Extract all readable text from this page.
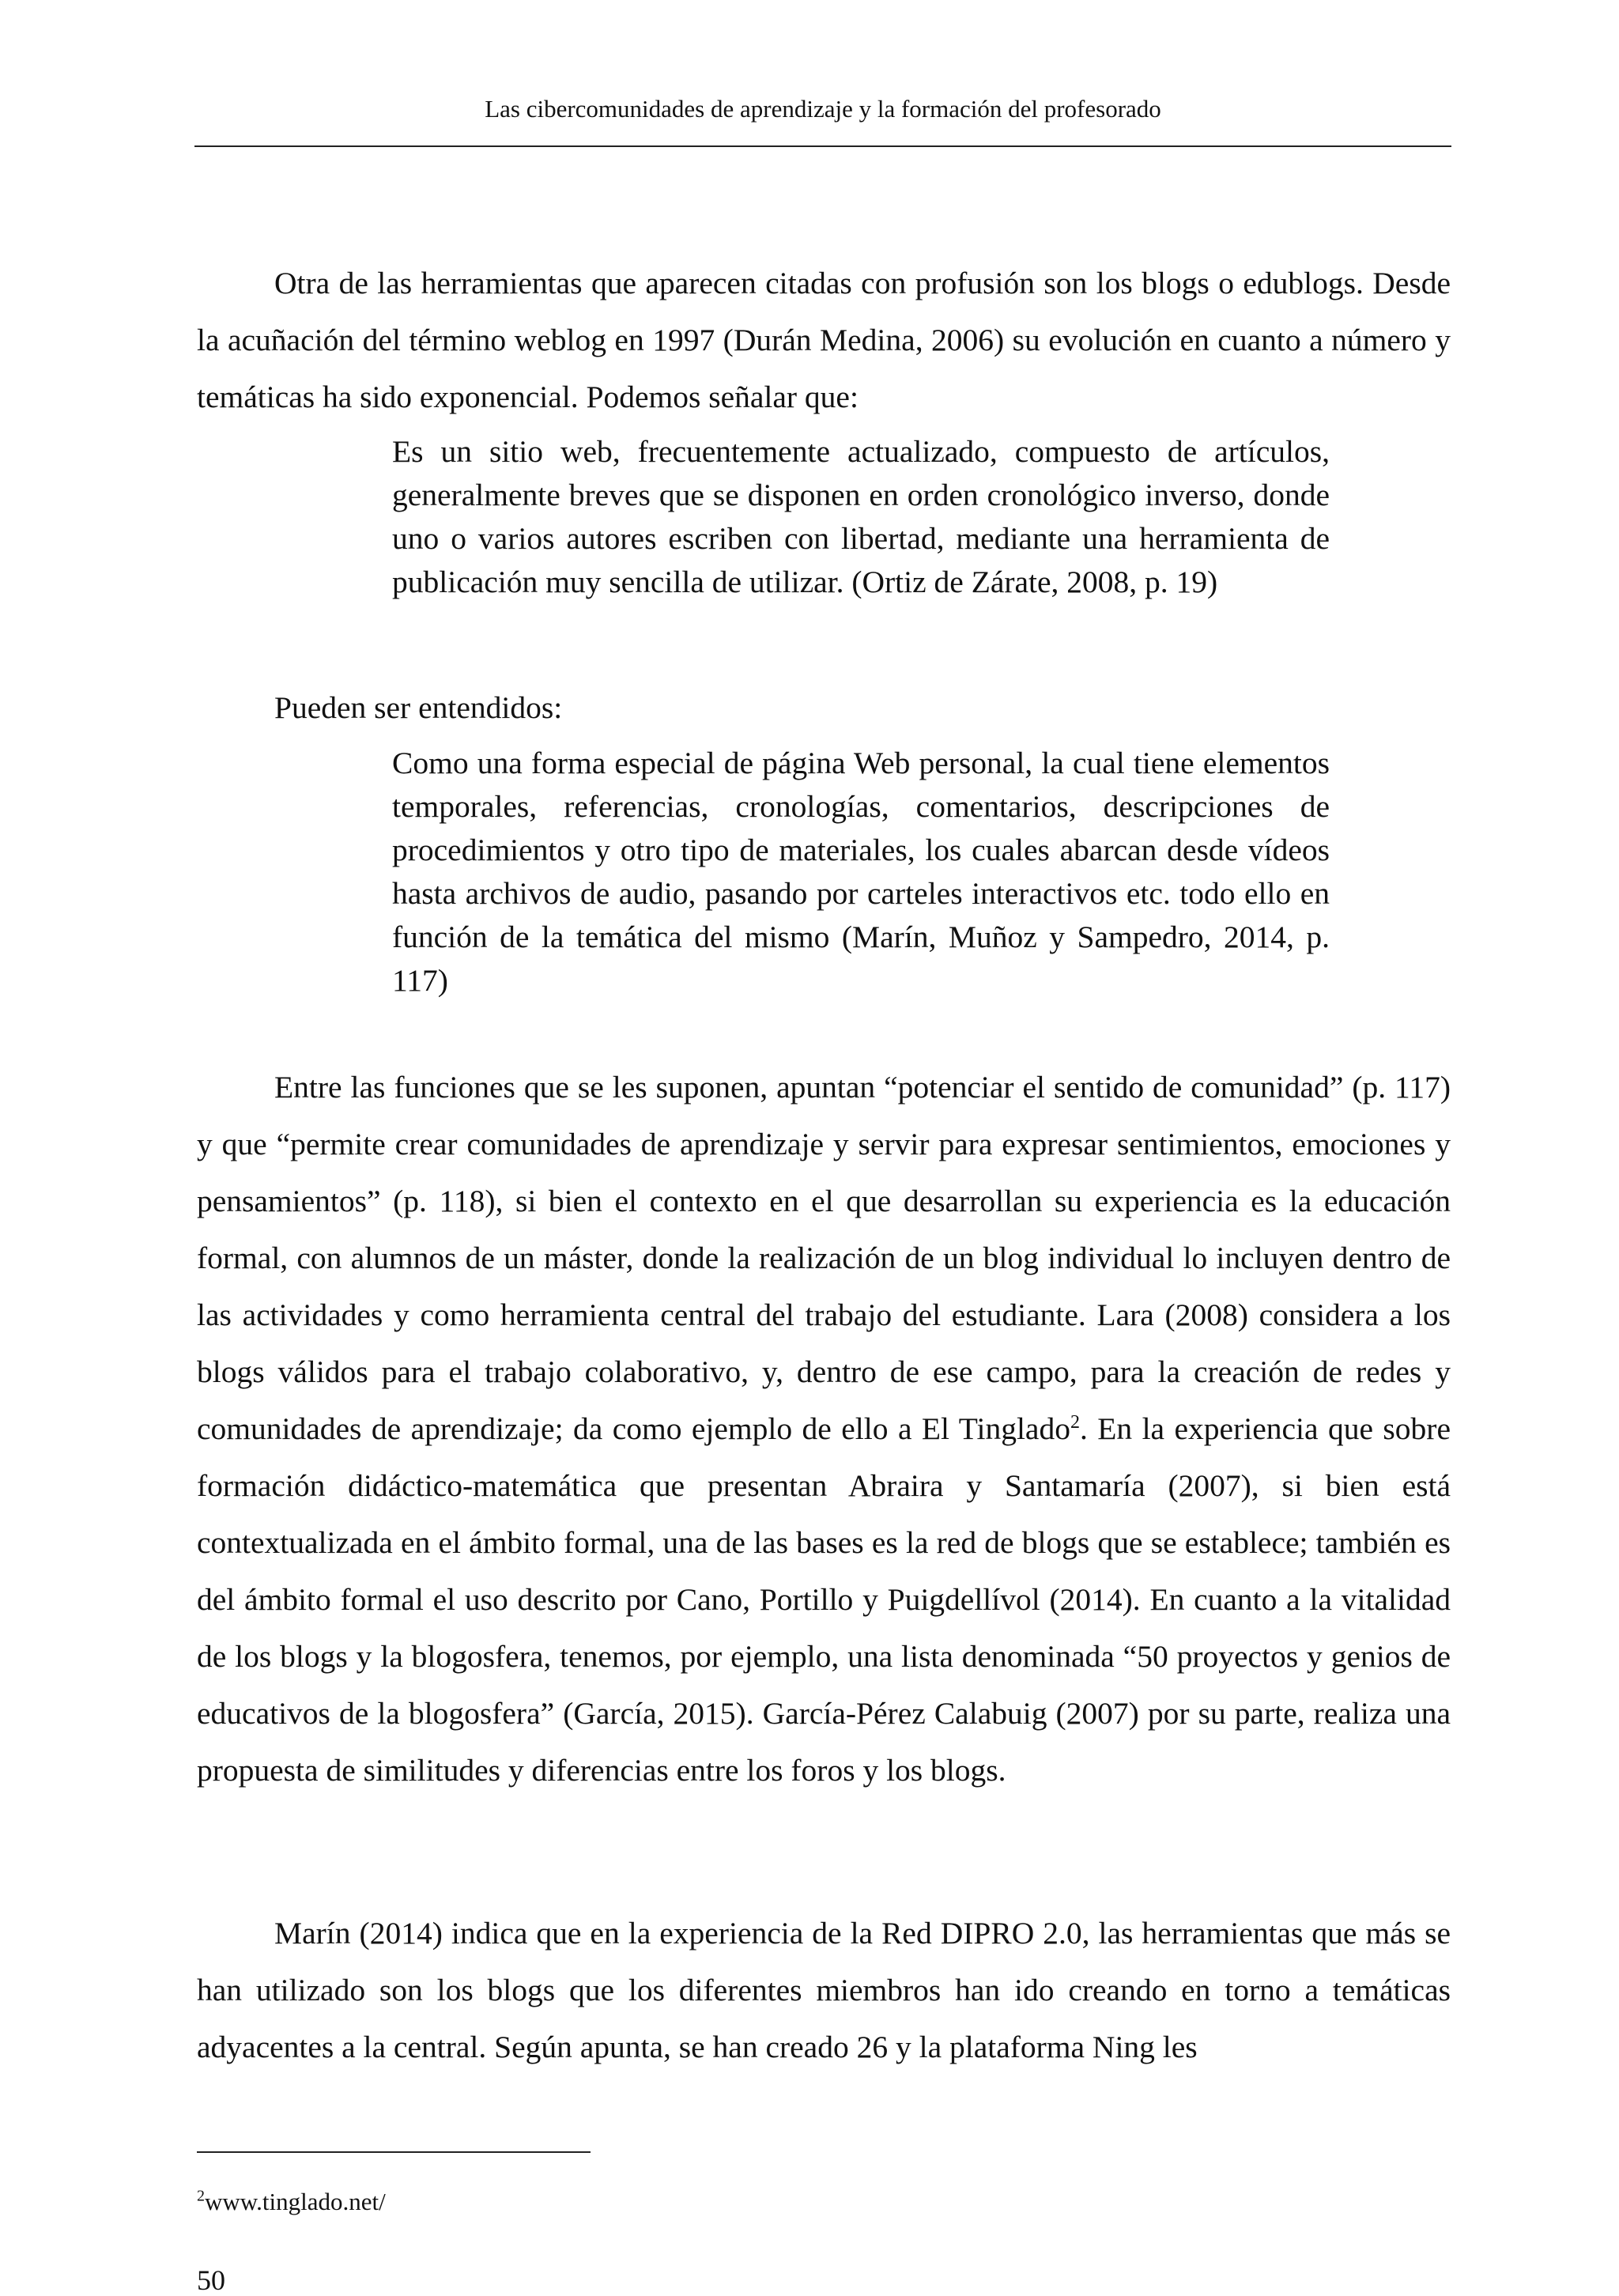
Las cibercomunidades de aprendizaje y la formación del profesorado

Otra de las herramientas que aparecen citadas con profusión son los blogs o edublogs. Desde la acuñación del término weblog en 1997 (Durán Medina, 2006) su evolución en cuanto a número y temáticas ha sido exponencial. Podemos señalar que:

Es un sitio web, frecuentemente actualizado, compuesto de artículos, generalmente breves que se disponen en orden cronológico inverso, donde uno o varios autores escriben con libertad, mediante una herramienta de publicación muy sencilla de utilizar. (Ortiz de Zárate, 2008, p. 19)

Pueden ser entendidos:

Como una forma especial de página Web personal, la cual tiene elementos temporales, referencias, cronologías, comentarios, descripciones de procedimientos y otro tipo de materiales, los cuales abarcan desde vídeos hasta archivos de audio, pasando por carteles interactivos etc. todo ello en función de la temática del mismo (Marín, Muñoz y Sampedro, 2014, p. 117)

Entre las funciones que se les suponen, apuntan “potenciar el sentido de comunidad” (p. 117) y que “permite crear comunidades de aprendizaje y servir para expresar sentimientos, emociones y pensamientos” (p. 118), si bien el contexto en el que desarrollan su experiencia es la educación formal, con alumnos de un máster, donde la realización de un blog individual lo incluyen dentro de las actividades y como herramienta central del trabajo del estudiante. Lara (2008) considera a los blogs válidos para el trabajo colaborativo, y, dentro de ese campo, para la creación de redes y comunidades de aprendizaje; da como ejemplo de ello a El Tinglado$^2$. En la experiencia que sobre formación didáctico-matemática que presentan Abraira y Santamaría (2007), si bien está contextualizada en el ámbito formal, una de las bases es la red de blogs que se establece; también es del ámbito formal el uso descrito por Cano, Portillo y Puigdellívol (2014). En cuanto a la vitalidad de los blogs y la blogosfera, tenemos, por ejemplo, una lista denominada “50 proyectos y genios de educativos de la blogosfera” (García, 2015). García-Pérez Calabuig (2007) por su parte, realiza una propuesta de similitudes y diferencias entre los foros y los blogs.

Marín (2014) indica que en la experiencia de la Red DIPRO 2.0, las herramientas que más se han utilizado son los blogs que los diferentes miembros han ido creando en torno a temáticas adyacentes a la central. Según apunta, se han creado 26 y la plataforma Ning les

$^2$www.tinglado.net/
50
